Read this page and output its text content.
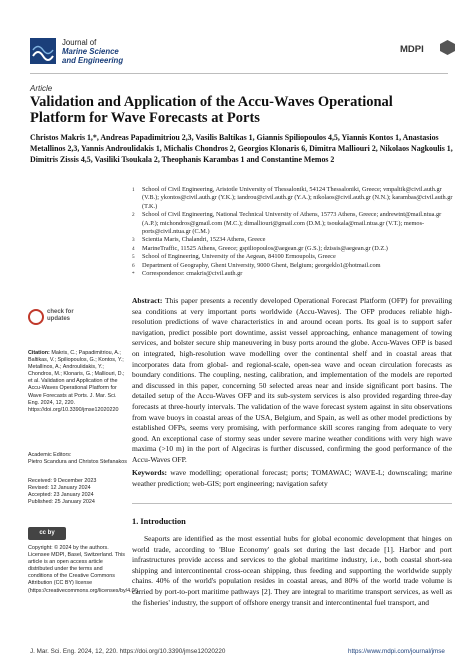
Journal of
Marine Science
and Engineering
MDPI
Article
Validation and Application of the Accu-Waves Operational Platform for Wave Forecasts at Ports
Christos Makris 1,*, Andreas Papadimitriou 2,3, Vasilis Baltikas 1, Giannis Spiliopoulos 4,5, Yiannis Kontos 1, Anastasios Metallinos 2,3, Yannis Androulidakis 1, Michalis Chondros 2, Georgios Klonaris 6, Dimitra Malliouri 2, Nikolaos Nagkoulis 1, Dimitris Zissis 4,5, Vasiliki Tsoukala 2, Theophanis Karambas 1 and Constantine Memos 2
1	School of Civil Engineering, Aristotle University of Thessaloniki, 54124 Thessaloniki, Greece; vmpaltik@civil.auth.gr (V.B.); ykontos@civil.auth.gr (Y.K.); iandrou@civil.auth.gr (Y.A.); nikolaos@civil.auth.gr (N.N.); karambas@civil.auth.gr (T.K.)
2	School of Civil Engineering, National Technical University of Athens, 15773 Athens, Greece; andrewtnt@mail.ntua.gr (A.P.); michondros@gmail.com (M.C.); dimalliouri@gmail.com (D.M.); tsoukala@mail.ntua.gr (V.T.); memos-ports@civil.ntua.gr (C.M.)
3	Scientia Maris, Chalandri, 15234 Athens, Greece
4	MarineTraffic, 11525 Athens, Greece; gspiliopoulos@aegean.gr (G.S.); dzissis@aegean.gr (D.Z.)
5	School of Engineering, University of the Aegean, 84100 Ermoupolis, Greece
6	Department of Geography, Ghent University, 9000 Ghent, Belgium; georgeklo1@hotmail.com
*	Correspondence: cmakris@civil.auth.gr
check for
updates
Citation: Makris, C.; Papadimitriou, A.; Baltikas, V.; Spiliopoulos, G.; Kontos, Y.; Metallinos, A.; Androulidakis, Y.; Chondros, M.; Klonaris, G.; Malliouri, D.; et al. Validation and Application of the Accu-Waves Operational Platform for Wave Forecasts at Ports. J. Mar. Sci. Eng. 2024, 12, 220. https://doi.org/10.3390/jmse12020220
Academic Editors:
Pietro Scandura and Christos Stefanakos
Received: 9 December 2023
Revised: 12 January 2024
Accepted: 23 January 2024
Published: 25 January 2024
cc by
Copyright: © 2024 by the authors. Licensee MDPI, Basel, Switzerland. This article is an open access article distributed under the terms and conditions of the Creative Commons Attribution (CC BY) license (https://creativecommons.org/licenses/by/4.0/).
Abstract: This paper presents a recently developed Operational Forecast Platform (OFP) for prevailing sea conditions at very important ports worldwide (Accu-Waves). The OFP produces reliable high-resolution predictions of wave characteristics in and around ocean ports. Its goal is to support safer navigation, predict possible port downtime, assist vessel approaching, enhance management of towing services, and bolster secure ship maneuvering in busy ports around the globe. Accu-Waves OFP is based on integrated, high-resolution wave modelling over the continental shelf and in coastal areas that incorporates data from global- and regional-scale, open-sea wave and ocean circulation forecasts as boundary conditions. The coupling, nesting, calibration, and implementation of the models are reported and discussed in this paper, concerning 50 selected areas near and inside significant port basins. The detailed setup of the Accu-Waves OFP and its sub-system services is also provided regarding three-day forecasts at three-hourly intervals. The validation of the wave forecast system against in situ observations from wave buoys in coastal areas of the USA, Belgium, and Spain, as well as other model predictions by established OFPs, seems very promising, with performance skill scores ranging from adequate to very good. An exceptional case of stormy seas under severe marine weather conditions with very high wave maxima (>10 m) in the port of Algeciras is further discussed, confirming the good performance of the Accu-Waves OFP.
Keywords: wave modelling; operational forecast; ports; TOMAWAC; WAVE-L; downscaling; marine weather prediction; web-GIS; port engineering; navigation safety
1. Introduction
Seaports are identified as the most essential hubs for global economic development that hinges on world trade, according to 'Blue Economy' goals set during the last decade [1]. Harbor and port infrastructures provide access and services to the global maritime industry, i.e., both coastal short-sea shipping and intercontinental cross-ocean shipping, thus feeding and supporting the worldwide supply chains. 40% of the world's population resides in coastal areas, and 80% of the world trade volume is carried by port-to-port maritime pathways [2]. They are integral to maritime transport services, as well as the fisheries' industry, the support of offshore energy transit and intercontinental fuel transport, and
J. Mar. Sci. Eng. 2024, 12, 220. https://doi.org/10.3390/jmse12020220	https://www.mdpi.com/journal/jmse
